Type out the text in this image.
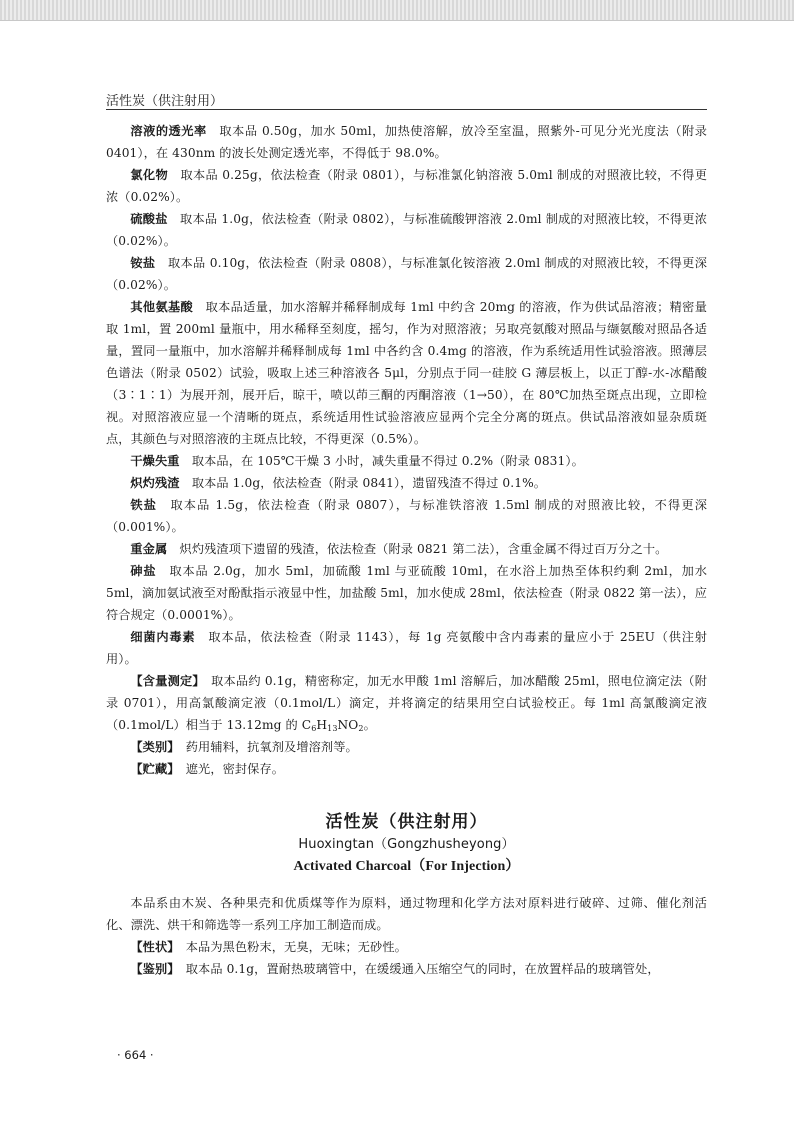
活性炭（供注射用）

溶液的透光率　取本品 0.50g，加水 50ml，加热使溶解，放冷至室温，照紫外-可见分光光度法（附录 0401），在 430nm 的波长处测定透光率，不得低于 98.0%。

氯化物　取本品 0.25g，依法检查（附录 0801），与标准氯化钠溶液 5.0ml 制成的对照液比较，不得更浓（0.02%）。

硫酸盐　取本品 1.0g，依法检查（附录 0802），与标准硫酸钾溶液 2.0ml 制成的对照液比较，不得更浓（0.02%）。

铵盐　取本品 0.10g，依法检查（附录 0808），与标准氯化铵溶液 2.0ml 制成的对照液比较，不得更深（0.02%）。

其他氨基酸　取本品适量，加水溶解并稀释制成每 1ml 中约含 20mg 的溶液，作为供试品溶液；精密量取 1ml，置 200ml 量瓶中，用水稀释至刻度，摇匀，作为对照溶液；另取亮氨酸对照品与缬氨酸对照品各适量，置同一量瓶中，加水溶解并稀释制成每 1ml 中各约含 0.4mg 的溶液，作为系统适用性试验溶液。照薄层色谱法（附录 0502）试验，吸取上述三种溶液各 5μl，分别点于同一硅胶 G 薄层板上，以正丁醇-水-冰醋酸（3∶1∶1）为展开剂，展开后，晾干，喷以茚三酮的丙酮溶液（1→50），在 80℃加热至斑点出现，立即检视。对照溶液应显一个清晰的斑点，系统适用性试验溶液应显两个完全分离的斑点。供试品溶液如显杂质斑点，其颜色与对照溶液的主斑点比较，不得更深（0.5%）。

干燥失重　取本品，在 105℃干燥 3 小时，减失重量不得过 0.2%（附录 0831）。

炽灼残渣　取本品 1.0g，依法检查（附录 0841），遗留残渣不得过 0.1%。

铁盐　取本品 1.5g，依法检查（附录 0807），与标准铁溶液 1.5ml 制成的对照液比较，不得更深（0.001%）。

重金属　炽灼残渣项下遗留的残渣，依法检查（附录 0821 第二法），含重金属不得过百万分之十。

砷盐　取本品 2.0g，加水 5ml，加硫酸 1ml 与亚硫酸 10ml，在水浴上加热至体积约剩 2ml，加水 5ml，滴加氨试液至对酚酞指示液显中性，加盐酸 5ml，加水使成 28ml，依法检查（附录 0822 第一法），应符合规定（0.0001%）。

细菌内毒素　取本品，依法检查（附录 1143），每 1g 亮氨酸中含内毒素的量应小于 25EU（供注射用）。

【含量测定】　取本品约 0.1g，精密称定，加无水甲酸 1ml 溶解后，加冰醋酸 25ml，照电位滴定法（附录 0701），用高氯酸滴定液（0.1mol/L）滴定，并将滴定的结果用空白试验校正。每 1ml 高氯酸滴定液（0.1mol/L）相当于 13.12mg 的 $C_6H_{13}NO_2$。

【类别】　药用辅料，抗氧剂及增溶剂等。

【贮藏】　遮光，密封保存。

活性炭（供注射用）
Huoxingtan（Gongzhusheyong）
Activated Charcoal（For Injection）

本品系由木炭、各种果壳和优质煤等作为原料，通过物理和化学方法对原料进行破碎、过筛、催化剂活化、漂洗、烘干和筛选等一系列工序加工制造而成。

【性状】　本品为黑色粉末，无臭，无味；无砂性。

【鉴别】　取本品 0.1g，置耐热玻璃管中，在缓缓通入压缩空气的同时，在放置样品的玻璃管处，

· 664 ·
